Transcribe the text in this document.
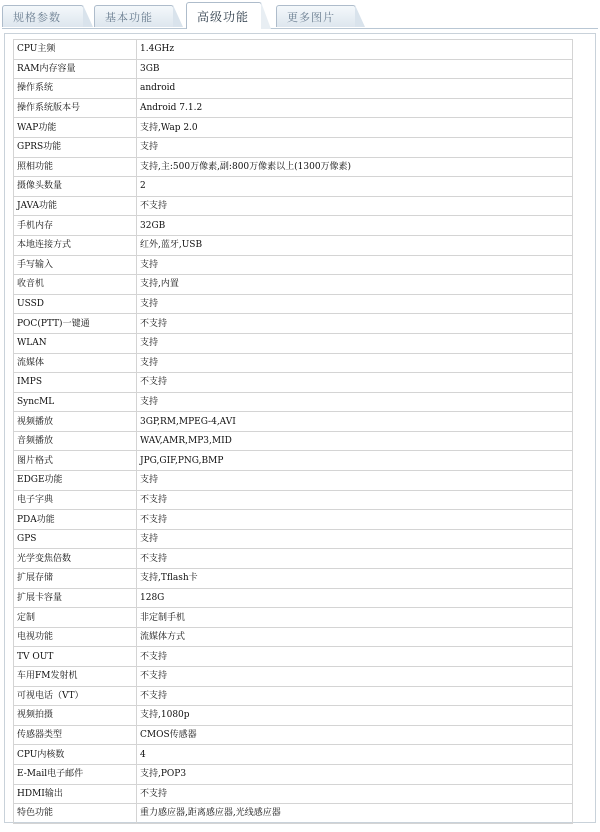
规格参数	基本功能	高级功能	更多图片
CPU主频	1.4GHz
RAM内存容量	3GB
操作系统	android
操作系统版本号	Android 7.1.2
WAP功能	支持,Wap 2.0
GPRS功能	支持
照相功能	支持,主:500万像素,副:800万像素以上(1300万像素)
摄像头数量	2
JAVA功能	不支持
手机内存	32GB
本地连接方式	红外,蓝牙,USB
手写输入	支持
收音机	支持,内置
USSD	支持
POC(PTT)一键通	不支持
WLAN	支持
流媒体	支持
IMPS	不支持
SyncML	支持
视频播放	3GP,RM,MPEG-4,AVI
音频播放	WAV,AMR,MP3,MID
图片格式	JPG,GIF,PNG,BMP
EDGE功能	支持
电子字典	不支持
PDA功能	不支持
GPS	支持
光学变焦倍数	不支持
扩展存储	支持,Tflash卡
扩展卡容量	128G
定制	非定制手机
电视功能	流媒体方式
TV OUT	不支持
车用FM发射机	不支持
可视电话（VT）	不支持
视频拍摄	支持,1080p
传感器类型	CMOS传感器
CPU内核数	4
E-Mail电子邮件	支持,POP3
HDMI输出	不支持
特色功能	重力感应器,距离感应器,光线感应器
